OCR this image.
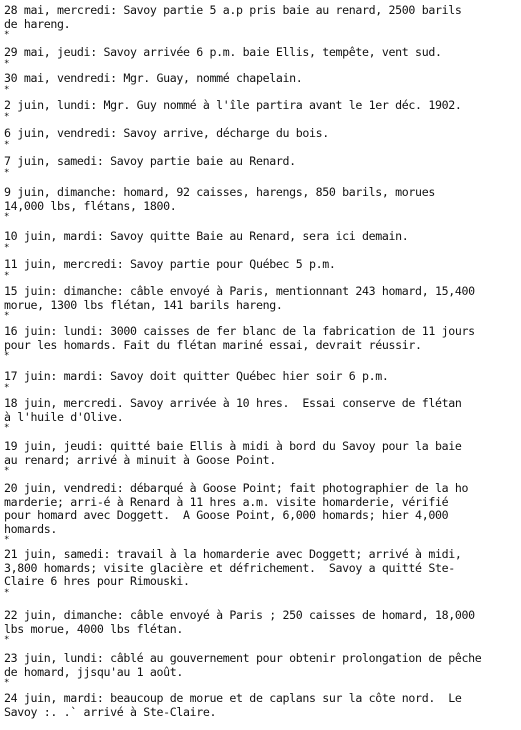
28 mai, mercredi: Savoy partie 5 a.p pris baie au renard, 2500 barils
de hareng.
*
29 mai, jeudi: Savoy arrivée 6 p.m. baie Ellis, tempête, vent sud.
*
30 mai, vendredi: Mgr. Guay, nommé chapelain.
*
2 juin, lundi: Mgr. Guy nommé à l'île partira avant le 1er déc. 1902.
*
6 juin, vendredi: Savoy arrive, décharge du bois.
*
7 juin, samedi: Savoy partie baie au Renard.
*
9 juin, dimanche: homard, 92 caisses, harengs, 850 barils, morues
14,000 lbs, flétans, 1800.
*
10 juin, mardi: Savoy quitte Baie au Renard, sera ici demain.
*
11 juin, mercredi: Savoy partie pour Québec 5 p.m.
*
15 juin: dimanche: câble envoyé à Paris, mentionnant 243 homard, 15,400
morue, 1300 lbs flétan, 141 barils hareng.
*
16 juin: lundi: 3000 caisses de fer blanc de la fabrication de 11 jours
pour les homards. Fait du flétan mariné essai, devrait réussir.
*
17 juin: mardi: Savoy doit quitter Québec hier soir 6 p.m.
*
18 juin, mercredi. Savoy arrivée à 10 hres.  Essai conserve de flétan
à l'huile d'Olive.
*
19 juin, jeudi: quitté baie Ellis à midi à bord du Savoy pour la baie
au renard; arrivé à minuit à Goose Point.
*
20 juin, vendredi: débarqué à Goose Point; fait photographier de la ho
marderie; arri-é à Renard à 11 hres a.m. visite homarderie, vérifié
pour homard avec Doggett.  A Goose Point, 6,000 homards; hier 4,000
homards.
*
21 juin, samedi: travail à la homarderie avec Doggett; arrivé à midi,
3,800 homards; visite glacière et défrichement.  Savoy a quitté Ste-
Claire 6 hres pour Rimouski.
*
22 juin, dimanche: câble envoyé à Paris ; 250 caisses de homard, 18,000
lbs morue, 4000 lbs flétan.
*
23 juin, lundi: câblé au gouvernement pour obtenir prolongation de pêche
de homard, jjsqu'au 1 août.
*
24 juin, mardi: beaucoup de morue et de caplans sur la côte nord.  Le
Savoy :. .` arrivé à Ste-Claire.
